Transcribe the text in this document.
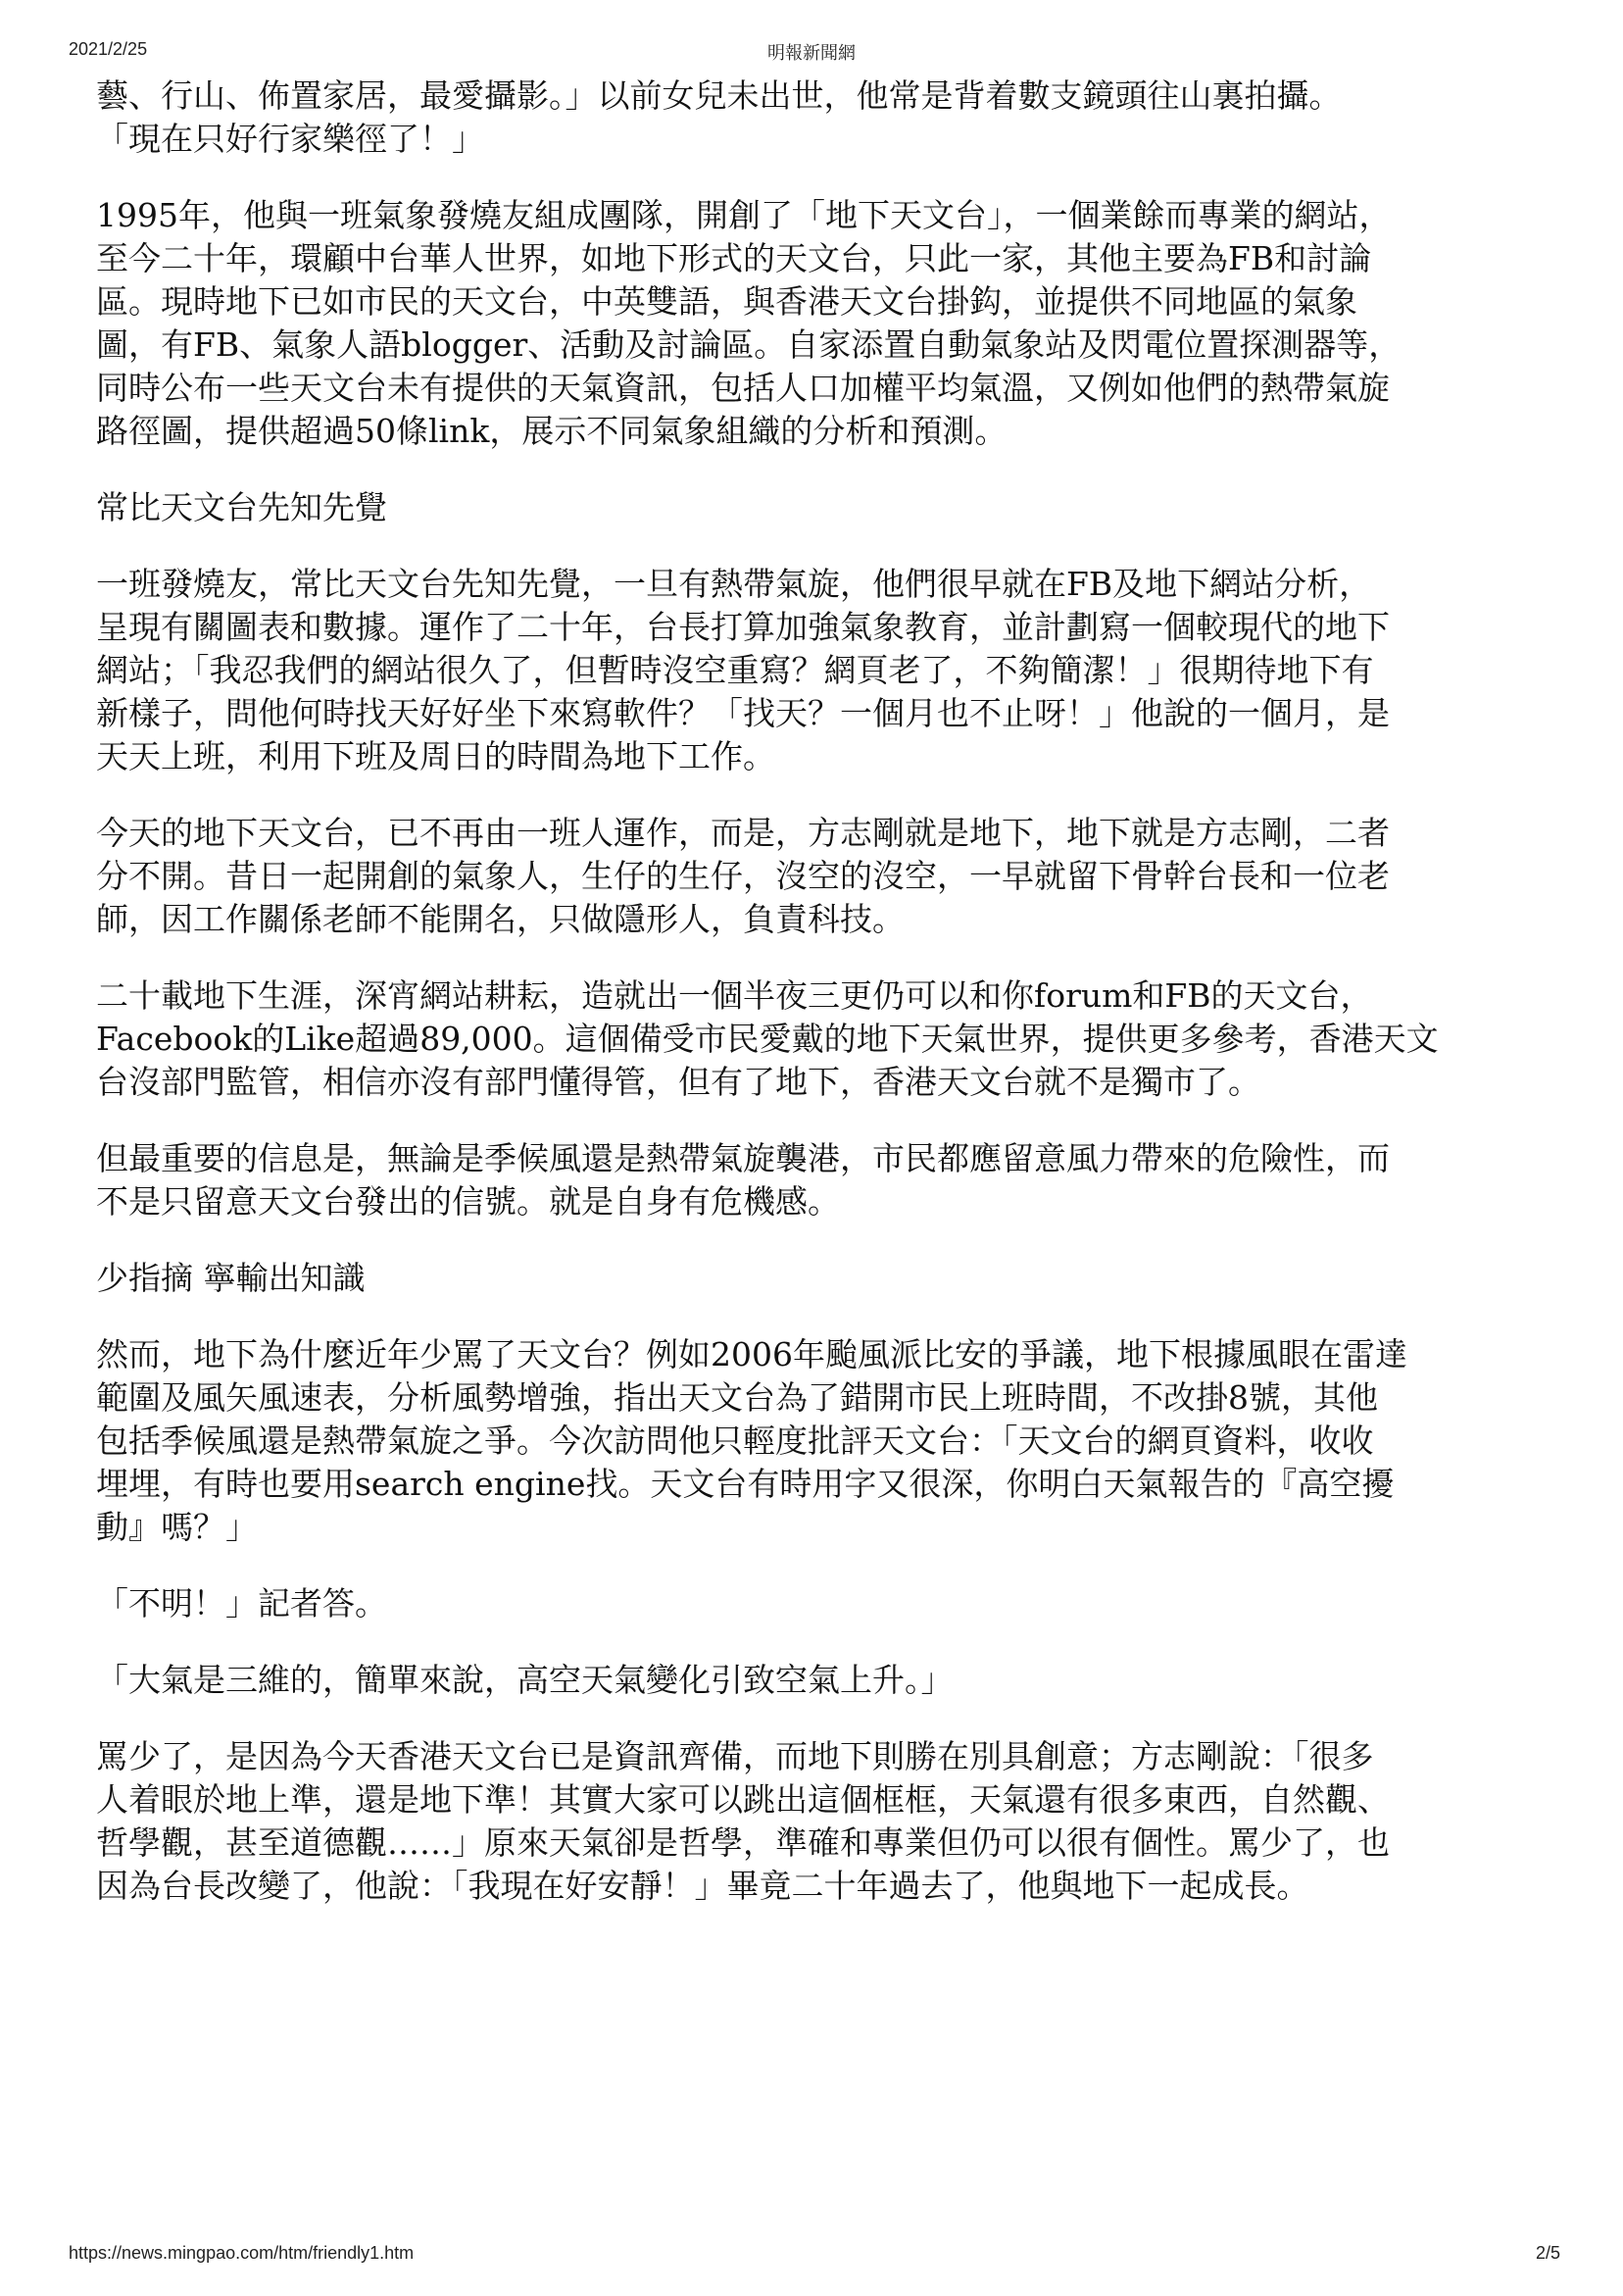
2021/2/25	明報新聞網
藝、行山、佈置家居，最愛攝影。」以前女兒未出世，他常是背着數支鏡頭往山裏拍攝。
「現在只好行家樂徑了！」
1995年，他與一班氣象發燒友組成團隊，開創了「地下天文台」，一個業餘而專業的網站，
至今二十年，環顧中台華人世界，如地下形式的天文台，只此一家，其他主要為FB和討論
區。現時地下已如市民的天文台，中英雙語，與香港天文台掛鈎，並提供不同地區的氣象
圖，有FB、氣象人語blogger、活動及討論區。自家添置自動氣象站及閃電位置探測器等，
同時公布一些天文台未有提供的天氣資訊，包括人口加權平均氣溫，又例如他們的熱帶氣旋
路徑圖，提供超過50條link，展示不同氣象組織的分析和預測。
常比天文台先知先覺
一班發燒友，常比天文台先知先覺，一旦有熱帶氣旋，他們很早就在FB及地下網站分析，
呈現有關圖表和數據。運作了二十年，台長打算加強氣象教育，並計劃寫一個較現代的地下
網站；「我忍我們的網站很久了，但暫時沒空重寫？網頁老了，不夠簡潔！」很期待地下有
新樣子，問他何時找天好好坐下來寫軟件？「找天？一個月也不止呀！」他說的一個月，是
天天上班，利用下班及周日的時間為地下工作。
今天的地下天文台，已不再由一班人運作，而是，方志剛就是地下，地下就是方志剛，二者
分不開。昔日一起開創的氣象人，生仔的生仔，沒空的沒空，一早就留下骨幹台長和一位老
師，因工作關係老師不能開名，只做隱形人，負責科技。
二十載地下生涯，深宵網站耕耘，造就出一個半夜三更仍可以和你forum和FB的天文台，
Facebook的Like超過89,000。這個備受市民愛戴的地下天氣世界，提供更多參考，香港天文
台沒部門監管，相信亦沒有部門懂得管，但有了地下，香港天文台就不是獨市了。
但最重要的信息是，無論是季候風還是熱帶氣旋襲港，市民都應留意風力帶來的危險性，而
不是只留意天文台發出的信號。就是自身有危機感。
少指摘 寧輸出知識
然而，地下為什麼近年少罵了天文台？例如2006年颱風派比安的爭議，地下根據風眼在雷達
範圍及風矢風速表，分析風勢增強，指出天文台為了錯開市民上班時間，不改掛8號，其他
包括季候風還是熱帶氣旋之爭。今次訪問他只輕度批評天文台：「天文台的網頁資料，收收
埋埋，有時也要用search engine找。天文台有時用字又很深，你明白天氣報告的『高空擾
動』嗎？」
「不明！」記者答。
「大氣是三維的，簡單來說，高空天氣變化引致空氣上升。」
罵少了，是因為今天香港天文台已是資訊齊備，而地下則勝在別具創意；方志剛說：「很多
人着眼於地上準，還是地下準！其實大家可以跳出這個框框，天氣還有很多東西，自然觀、
哲學觀，甚至道德觀……」原來天氣卻是哲學，準確和專業但仍可以很有個性。罵少了，也
因為台長改變了，他說：「我現在好安靜！」畢竟二十年過去了，他與地下一起成長。
https://news.mingpao.com/htm/friendly1.htm	2/5
